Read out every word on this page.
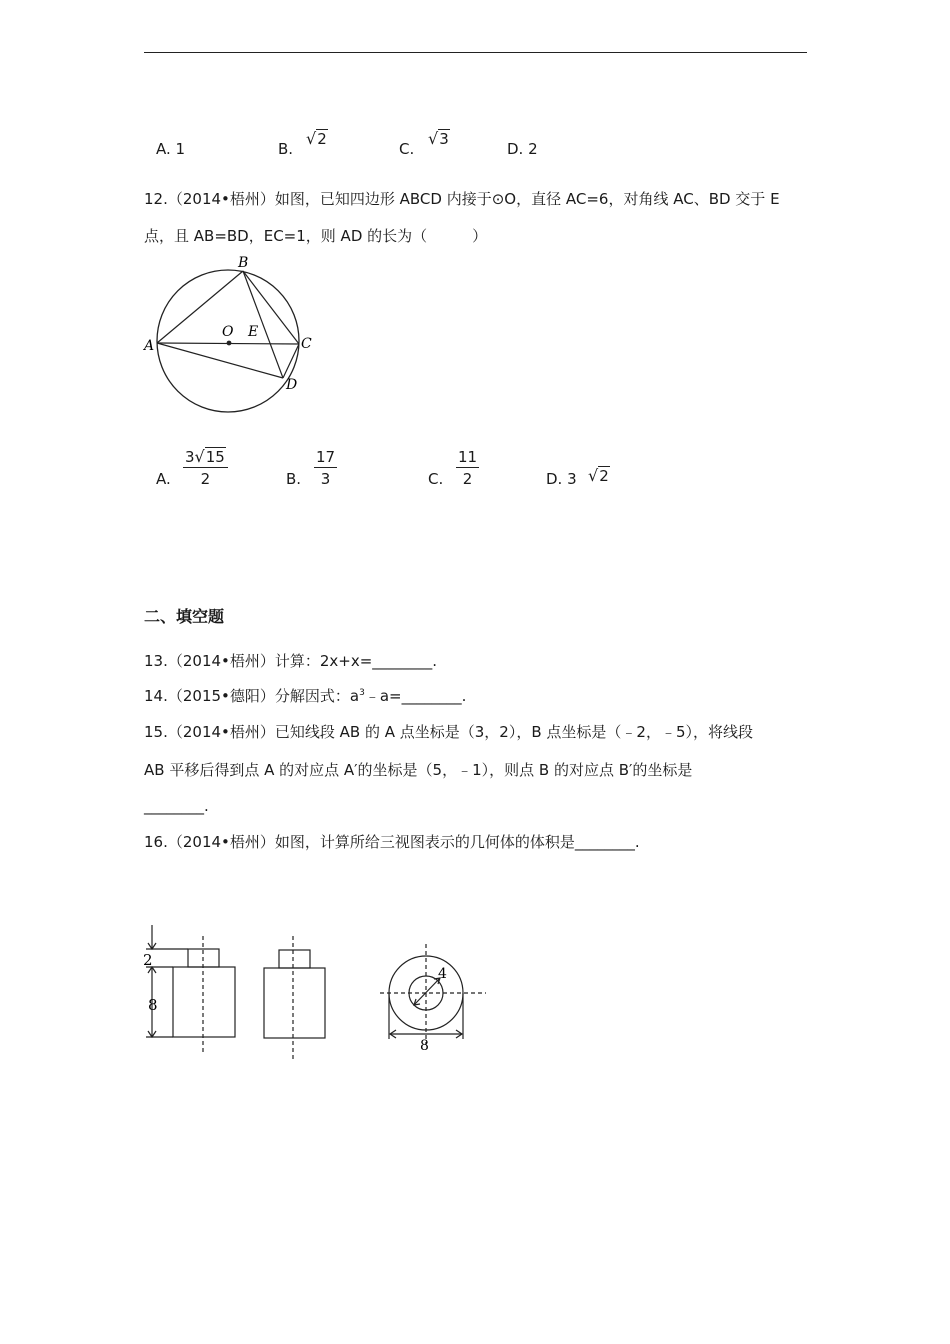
A. 1	B.
√2
C.
√3
D. 2
12.（2014•梧州）如图，已知四边形 ABCD 内接于⊙O，直径 AC=6，对角线 AC、BD 交于 E
点，且 AB=BD，EC=1，则 AD 的长为（　　　）
A
B
C
D
O E
A. $\frac{3√15}{2}$	B. $\frac{17}{3}$	C. $\frac{11}{2}$	D. 3 √2
二、填空题
13.（2014•梧州）计算：2x+x=________.
14.（2015•德阳）分解因式：$a^3﹣a=\_\_\_\_\_\_\_\_$.
15.（2014•梧州）已知线段 AB 的 A 点坐标是（3，2），B 点坐标是（﹣2，﹣5），将线段
AB 平移后得到点 A 的对应点 A′的坐标是（5，﹣1），则点 B 的对应点 B′的坐标是
________.
16.（2014•梧州）如图，计算所给三视图表示的几何体的体积是________.
2
8
4
8
